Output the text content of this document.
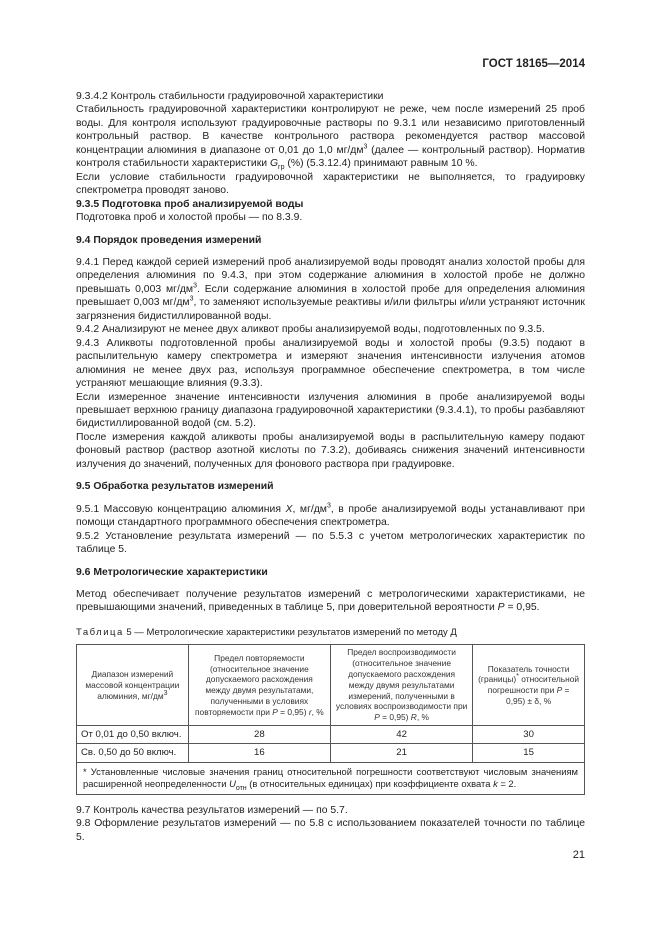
ГОСТ 18165—2014

9.3.4.2 Контроль стабильности градуировочной характеристики

Стабильность градуировочной характеристики контролируют не реже, чем после измерений 25 проб воды. Для контроля используют градуировочные растворы по 9.3.1 или независимо приготовленный контрольный раствор. В качестве контрольного раствора рекомендуется раствор массовой концентрации алюминия в диапазоне от 0,01 до 1,0 $мг/дм^3$ (далее — контрольный раствор). Норматив контроля стабильности характеристики $G_{гр}$ (%) (5.3.12.4) принимают равным 10 %.

Если условие стабильности градуировочной характеристики не выполняется, то градуировку спектрометра проводят заново.

9.3.5 Подготовка проб анализируемой воды

Подготовка проб и холостой пробы — по 8.3.9.

9.4 Порядок проведения измерений

9.4.1 Перед каждой серией измерений проб анализируемой воды проводят анализ холостой пробы для определения алюминия по 9.4.3, при этом содержание алюминия в холостой пробе не должно превышать 0,003 $мг/дм^3$. Если содержание алюминия в холостой пробе для определения алюминия превышает 0,003 $мг/дм^3$, то заменяют используемые реактивы и/или фильтры и/или устраняют источник загрязнения бидистиллированной воды.

9.4.2 Анализируют не менее двух аликвот пробы анализируемой воды, подготовленных по 9.3.5.

9.4.3 Аликвоты подготовленной пробы анализируемой воды и холостой пробы (9.3.5) подают в распылительную камеру спектрометра и измеряют значения интенсивности излучения атомов алюминия не менее двух раз, используя программное обеспечение спектрометра, в том числе устраняют мешающие влияния (9.3.3).

Если измеренное значение интенсивности излучения алюминия в пробе анализируемой воды превышает верхнюю границу диапазона градуировочной характеристики (9.3.4.1), то пробы разбавляют бидистиллированной водой (см. 5.2).

После измерения каждой аликвоты пробы анализируемой воды в распылительную камеру подают фоновый раствор (раствор азотной кислоты по 7.3.2), добиваясь снижения значений интенсивности излучения до значений, полученных для фонового раствора при градуировке.

9.5 Обработка результатов измерений

9.5.1 Массовую концентрацию алюминия X, $мг/дм^3$, в пробе анализируемой воды устанавливают при помощи стандартного программного обеспечения спектрометра.

9.5.2 Установление результата измерений — по 5.5.3 с учетом метрологических характеристик по таблице 5.

9.6 Метрологические характеристики

Метод обеспечивает получение результатов измерений с метрологическими характеристиками, не превышающими значений, приведенных в таблице 5, при доверительной вероятности P = 0,95.

Таблица 5 — Метрологические характеристики результатов измерений по методу Д
Диапазон измерений массовой концентрации алюминия, $мг/дм^3$	Предел повторяемости (относительное значение допускаемого расхождения между двумя результатами, полученными в условиях повторяемости при P = 0,95) r, %	Предел воспроизводимости (относительное значение допускаемого расхождения между двумя результатами измерений, полученными в условиях воспроизводимости при P = 0,95) R, %	Показатель точности (границы)* относительной погрешности при P = 0,95) ± δ, %
От 0,01 до 0,50 включ.	28	42	30
Св. 0,50 до 50 включ.	16	21	15
* Установленные числовые значения границ относительной погрешности соответствуют числовым значениям расширенной неопределенности $U_{отн}$ (в относительных единицах) при коэффициенте охвата k = 2.			

9.7 Контроль качества результатов измерений — по 5.7.

9.8 Оформление результатов измерений — по 5.8 с использованием показателей точности по таблице 5.

21
